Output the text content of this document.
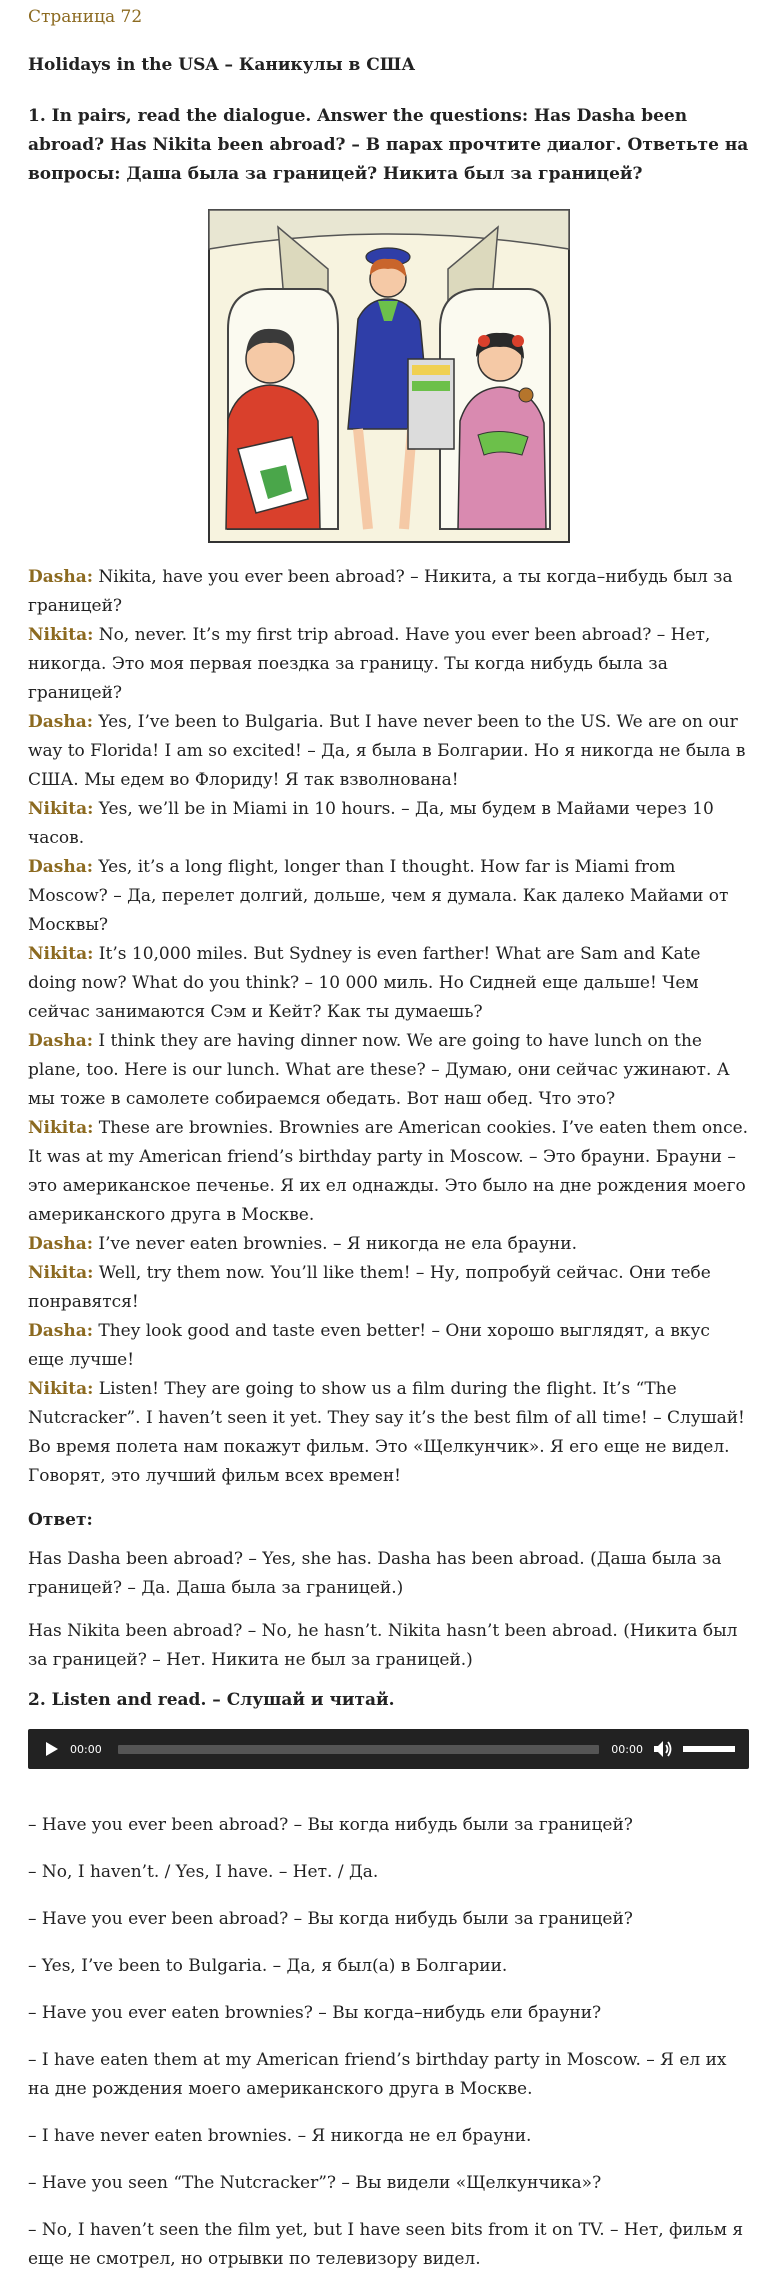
Страница 72
Holidays in the USA – Каникулы в США
1. In pairs, read the dialogue. Answer the questions: Has Dasha been abroad? Has Nikita been abroad? – В парах прочтите диалог. Ответьте на вопросы: Даша была за границей? Никита был за границей?

Dasha: Nikita, have you ever been abroad? – Никита, а ты когда–нибудь был за границей?

Nikita: No, never. It’s my first trip abroad. Have you ever been abroad? – Нет, никогда. Это моя первая поездка за границу. Ты когда нибудь была за границей?

Dasha: Yes, I’ve been to Bulgaria. But I have never been to the US. We are on our way to Florida! I am so excited! – Да, я была в Болгарии. Но я никогда не была в США. Мы едем во Флориду! Я так взволнована!

Nikita: Yes, we’ll be in Miami in 10 hours. – Да, мы будем в Майами через 10 часов.

Dasha: Yes, it’s a long flight, longer than I thought. How far is Miami from Moscow? – Да, перелет долгий, дольше, чем я думала. Как далеко Майами от Москвы?

Nikita: It’s 10,000 miles. But Sydney is even farther! What are Sam and Kate doing now? What do you think? – 10 000 миль. Но Сидней еще дальше! Чем сейчас занимаются Сэм и Кейт? Как ты думаешь?

Dasha: I think they are having dinner now. We are going to have lunch on the plane, too. Here is our lunch. What are these? – Думаю, они сейчас ужинают. А мы тоже в самолете собираемся обедать. Вот наш обед. Что это?

Nikita: These are brownies. Brownies are American cookies. I’ve eaten them once. It was at my American friend’s birthday party in Moscow. – Это брауни. Брауни – это американское печенье. Я их ел однажды. Это было на дне рождения моего американского друга в Москве.

Dasha: I’ve never eaten brownies. – Я никогда не ела брауни.

Nikita: Well, try them now. You’ll like them! – Ну, попробуй сейчас. Они тебе понравятся!

Dasha: They look good and taste even better! – Они хорошо выглядят, а вкус еще лучше!

Nikita: Listen! They are going to show us a film during the flight. It’s “The Nutcracker”. I haven’t seen it yet. They say it’s the best film of all time! – Слушай! Во время полета нам покажут фильм. Это «Щелкунчик». Я его еще не видел. Говорят, это лучший фильм всех времен!

Ответ:

Has Dasha been abroad? – Yes, she has. Dasha has been abroad. (Даша была за границей? – Да. Даша была за границей.)

Has Nikita been abroad? – No, he hasn’t. Nikita hasn’t been abroad. (Никита был за границей? – Нет. Никита не был за границей.)

2. Listen and read. – Слушай и читай.
00:00	00:00

– Have you ever been abroad? – Вы когда нибудь были за границей?

– No, I haven’t. / Yes, I have. – Нет. / Да.

– Have you ever been abroad? – Вы когда нибудь были за границей?

– Yes, I’ve been to Bulgaria. – Да, я был(а) в Болгарии.

– Have you ever eaten brownies? – Вы когда–нибудь ели брауни?

– I have eaten them at my American friend’s birthday party in Moscow. – Я ел их на дне рождения моего американского друга в Москве.

– I have never eaten brownies. – Я никогда не ел брауни.

– Have you seen “The Nutcracker”? – Вы видели «Щелкунчика»?

– No, I haven’t seen the film yet, but I have seen bits from it on TV. – Нет, фильм я еще не смотрел, но отрывки по телевизору видел.
